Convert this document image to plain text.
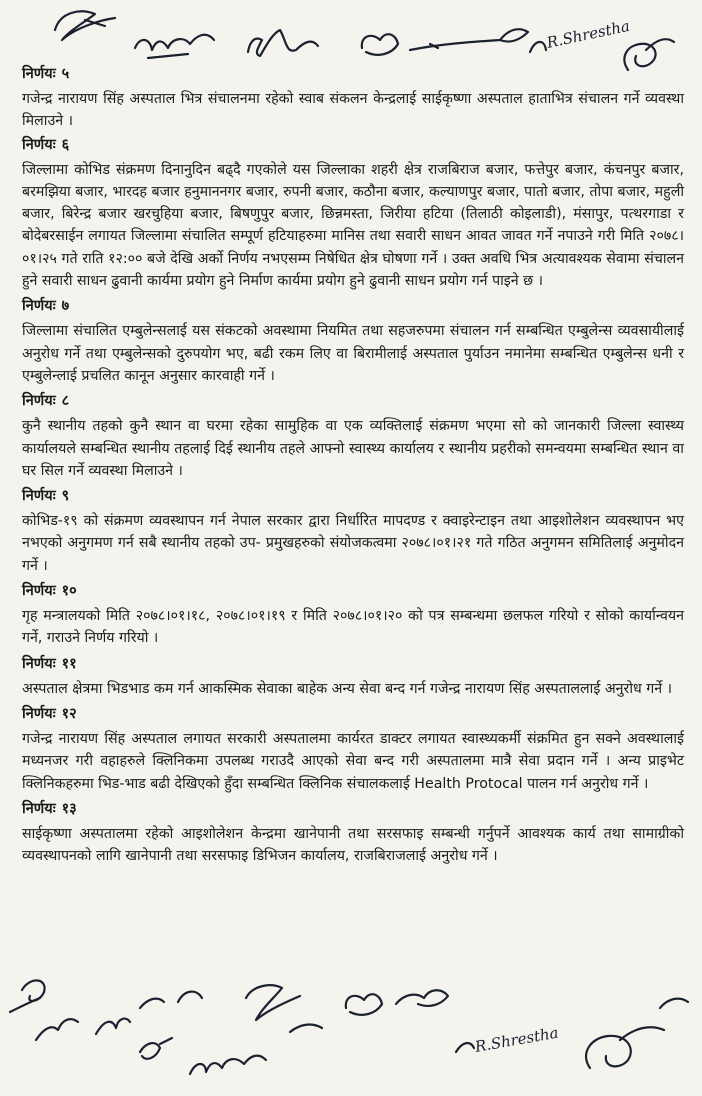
R.Shrestha
निर्णयः ५

गजेन्द्र नारायण सिंह अस्पताल भित्र संचालनमा रहेको स्वाब संकलन केन्द्रलाई साईकृष्णा अस्पताल हाताभित्र संचालन गर्ने व्यवस्था मिलाउने ।

निर्णयः ६

जिल्लामा कोभिड संक्रमण दिनानुदिन बढ्दै गएकोले यस जिल्लाका शहरी क्षेत्र राजबिराज बजार, फत्तेपुर बजार, कंचनपुर बजार, बरमझिया बजार, भारदह बजार हनुमाननगर बजार, रुपनी बजार, कठौना बजार, कल्याणपुर बजार, पातो बजार, तोपा बजार, महुली बजार, बिरेन्द्र बजार खरचुहिया बजार, बिषणुपुर बजार, छिन्नमस्ता, जिरीया हटिया (तिलाठी कोइलाडी), मंसापुर, पत्थरगाडा र बोदेबरसाईन लगायत जिल्लामा संचालित सम्पूर्ण हटियाहरुमा मानिस तथा सवारी साधन आवत जावत गर्ने नपाउने गरी मिति २०७८।०१।२५ गते राति १२:०० बजे देखि अर्को निर्णय नभएसम्म निषेधित क्षेत्र घोषणा गर्ने । उक्त अवधि भित्र अत्यावश्यक सेवामा संचालन हुने सवारी साधन ढुवानी कार्यमा प्रयोग हुने निर्माण कार्यमा प्रयोग हुने ढुवानी साधन प्रयोग गर्न पाइने छ ।

निर्णयः ७

जिल्लामा संचालित एम्बुलेन्सलाई यस संकटको अवस्थामा नियमित तथा सहजरुपमा संचालन गर्न सम्बन्धित एम्बुलेन्स व्यवसायीलाई अनुरोध गर्ने तथा एम्बुलेन्सको दुरुपयोग भए, बढी रकम लिए वा बिरामीलाई अस्पताल पुर्याउन नमानेमा सम्बन्धित एम्बुलेन्स धनी र एम्बुलेन्लाई प्रचलित कानून अनुसार कारवाही गर्ने ।

निर्णयः ८

कुनै स्थानीय तहको कुनै स्थान वा घरमा रहेका सामुहिक वा एक व्यक्तिलाई संक्रमण भएमा सो को जानकारी जिल्ला स्वास्थ्य कार्यालयले सम्बन्धित स्थानीय तहलाई दिई स्थानीय तहले आफ्नो स्वास्थ्य कार्यालय र स्थानीय प्रहरीको समन्वयमा सम्बन्धित स्थान वा घर सिल गर्ने व्यवस्था मिलाउने ।

निर्णयः ९

कोभिड-१९ को संक्रमण व्यवस्थापन गर्न नेपाल सरकार द्वारा निर्धारित मापदण्ड र क्वाइरेन्टाइन तथा आइशोलेशन व्यवस्थापन भए नभएको अनुगमण गर्न सबै स्थानीय तहको उप- प्रमुखहरुको संयोजकत्वमा २०७८।०१।२१ गते गठित अनुगमन समितिलाई अनुमोदन गर्ने ।

निर्णयः १०

गृह मन्त्रालयको मिति २०७८।०१।१८, २०७८।०१।१९ र मिति २०७८।०१।२० को पत्र सम्बन्धमा छलफल गरियो र सोको कार्यान्वयन गर्ने, गराउने निर्णय गरियो ।

निर्णयः ११

अस्पताल क्षेत्रमा भिडभाड कम गर्न आकस्मिक सेवाका बाहेक अन्य सेवा बन्द गर्न गजेन्द्र नारायण सिंह अस्पताललाई अनुरोध गर्ने ।

निर्णयः १२

गजेन्द्र नारायण सिंह अस्पताल लगायत सरकारी अस्पतालमा कार्यरत डाक्टर लगायत स्वास्थ्यकर्मी संक्रमित हुन सक्ने अवस्थालाई मध्यनजर गरी वहाहरुले क्लिनिकमा उपलब्ध गराउदै आएको सेवा बन्द गरी अस्पतालमा मात्रै सेवा प्रदान गर्ने । अन्य प्राइभेट क्लिनिकहरुमा भिड-भाड बढी देखिएको हुँदा सम्बन्धित क्लिनिक संचालकलाई Health Protocal पालन गर्न अनुरोध गर्ने ।

निर्णयः १३

साईकृष्णा अस्पतालमा रहेको आइशोलेशन केन्द्रमा खानेपानी तथा सरसफाइ सम्बन्धी गर्नुपर्ने आवश्यक कार्य तथा सामाग्रीको व्यवस्थापनको लागि खानेपानी तथा सरसफाइ डिभिजन कार्यालय, राजबिराजलाई अनुरोध गर्ने ।

R.Shrestha
